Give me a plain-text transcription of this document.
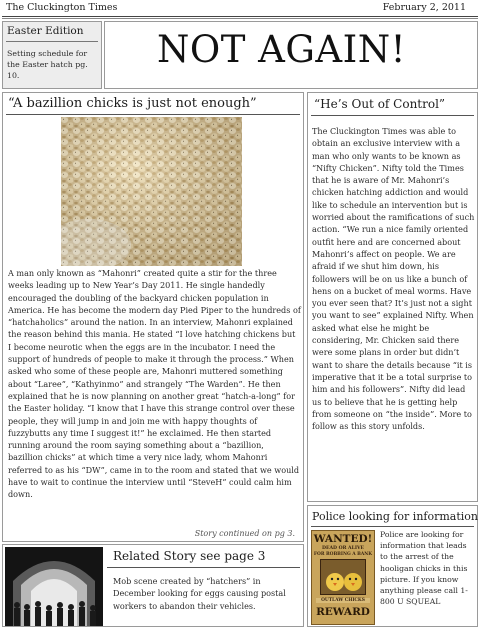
The Cluckington Times	February 2, 2011
Easter Edition
Setting schedule for the Easter hatch pg. 10.
NOT AGAIN!
“A bazillion chicks is just not enough”
A man only known as “Mahonri” created quite a stir for the three weeks leading up to New Year’s Day 2011. He single handedly encouraged the doubling of the backyard chicken population in America. He has become the modern day Pied Piper to the hundreds of “hatchaholics” around the nation. In an interview, Mahonri explained the reason behind this mania. He stated “I love hatching chickens but I become neurotic when the eggs are in the incubator. I need the support of hundreds of people to make it through the process.” When asked who some of these people are, Mahonri muttered something about “Laree”, “Kathyinmo” and strangely “The Warden”. He then explained that he is now planning on another great “hatch-a-long” for the Easter holiday. “I know that I have this strange control over these people, they will jump in and join me with happy thoughts of fuzzybutts any time I suggest it!” he exclaimed. He then started running around the room saying something about a “bazillion, bazillion chicks” at which time a very nice lady, whom Mahonri referred to as his “DW”, came in to the room and stated that we would have to wait to continue the interview until “SteveH” could calm him down.
Story continued on pg 3.
“He’s Out of Control”
The Cluckington Times was able to obtain an exclusive interview with a man who only wants to be known as “Nifty Chicken”. Nifty told the Times that he is aware of Mr. Mahonri’s chicken hatching addiction and would like to schedule an intervention but is worried about the ramifications of such action. “We run a nice family oriented outfit here and are concerned about Mahonri’s affect on people. We are afraid if we shut him down, his followers will be on us like a bunch of hens on a bucket of meal worms. Have you ever seen that? It’s just not a sight you want to see” explained Nifty. When asked what else he might be considering, Mr. Chicken said there were some plans in order but didn’t want to share the details because “it is imperative that it be a total surprise to him and his followers”. Nifty did lead us to believe that he is getting help from someone on “the inside”. More to follow as this story unfolds.
Related Story see page 3
Mob scene created by “hatchers” in December looking for eggs causing postal workers to abandon their vehicles.
Police looking for information
WANTED!
DEAD OR ALIVE
FOR ROBBING A BANK
OUTLAW CHICKS
REWARD
Police are looking for information that leads to the arrest of the hooligan chicks in this picture. If you know anything please call 1-800 U SQUEAL
